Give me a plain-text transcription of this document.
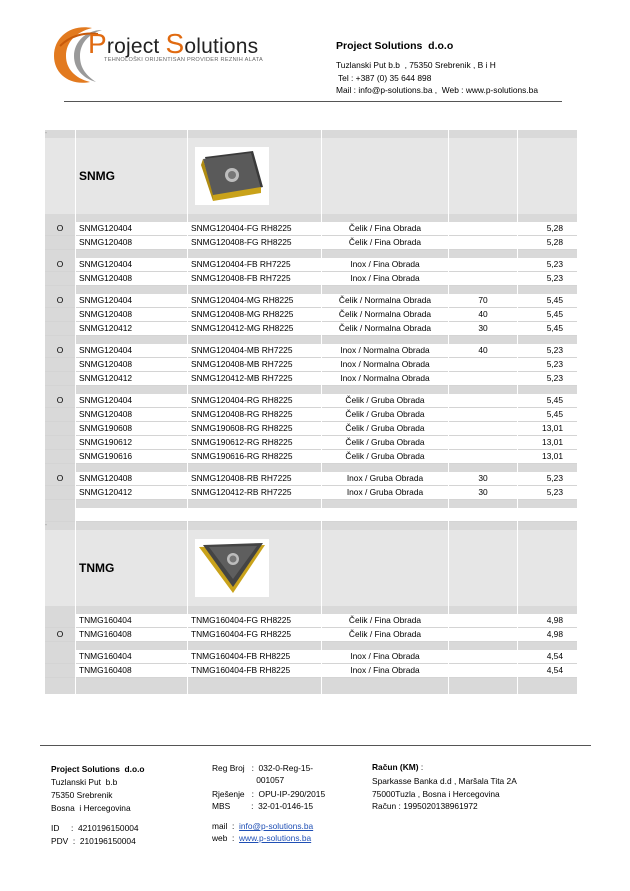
Project Solutions
TEHNOLOŠKI ORIJENTISAN PROVIDER REZNIH ALATA
Project Solutions  d.o.o
Tuzlanski Put b.b  , 75350 Srebrenik , B i H
Tel : +387 (0) 35 644 898
Mail : info@p-solutions.ba ,  Web : www.p-solutions.ba
"					
	SNMG	

O	SNMG120404	SNMG120404-FG RH8225	Čelik / Fina Obrada		5,28
	SNMG120408	SNMG120408-FG RH8225	Čelik / Fina Obrada		5,28

O	SNMG120404	SNMG120404-FB RH7225	Inox / Fina Obrada		5,23
	SNMG120408	SNMG120408-FB RH7225	Inox / Fina Obrada		5,23

O	SNMG120404	SNMG120404-MG RH8225	Čelik / Normalna Obrada	70	5,45
	SNMG120408	SNMG120408-MG RH8225	Čelik / Normalna Obrada	40	5,45
	SNMG120412	SNMG120412-MG RH8225	Čelik / Normalna Obrada	30	5,45

O	SNMG120404	SNMG120404-MB RH7225	Inox / Normalna Obrada	40	5,23
	SNMG120408	SNMG120408-MB RH7225	Inox / Normalna Obrada		5,23
	SNMG120412	SNMG120412-MB RH7225	Inox / Normalna Obrada		5,23

O	SNMG120404	SNMG120404-RG RH8225	Čelik / Gruba Obrada		5,45
	SNMG120408	SNMG120408-RG RH8225	Čelik / Gruba Obrada		5,45
	SNMG190608	SNMG190608-RG RH8225	Čelik / Gruba Obrada		13,01
	SNMG190612	SNMG190612-RG RH8225	Čelik / Gruba Obrada		13,01
	SNMG190616	SNMG190616-RG RH8225	Čelik / Gruba Obrada		13,01

O	SNMG120408	SNMG120408-RB RH7225	Inox / Gruba Obrada	30	5,23
	SNMG120412	SNMG120412-RB RH7225	Inox / Gruba Obrada	30	5,23

"					
	TNMG	

	TNMG160404	TNMG160404-FG RH8225	Čelik / Fina Obrada		4,98
O	TNMG160408	TNMG160404-FG RH8225	Čelik / Fina Obrada		4,98

	TNMG160404	TNMG160404-FB RH8225	Inox / Fina Obrada		4,54
	TNMG160408	TNMG160404-FB RH8225	Inox / Fina Obrada		4,54

Project Solutions  d.o.o
Tuzlanski Put  b.b
75350 Srebrenik
Bosna  i Hercegovina
ID     :  4210196150004
PDV  :  210196150004
Reg Broj   :  032-0-Reg-15-
001057
Rješenje   :  OPU-IP-290/2015
MBS         :  32-01-0146-15
mail  :  info@p-solutions.ba
web  :  www.p-solutions.ba
Račun (KM) :
Sparkasse Banka d.d , Maršala Tita 2A
75000Tuzla , Bosna i Hercegovina
Račun : 1995020138961972
